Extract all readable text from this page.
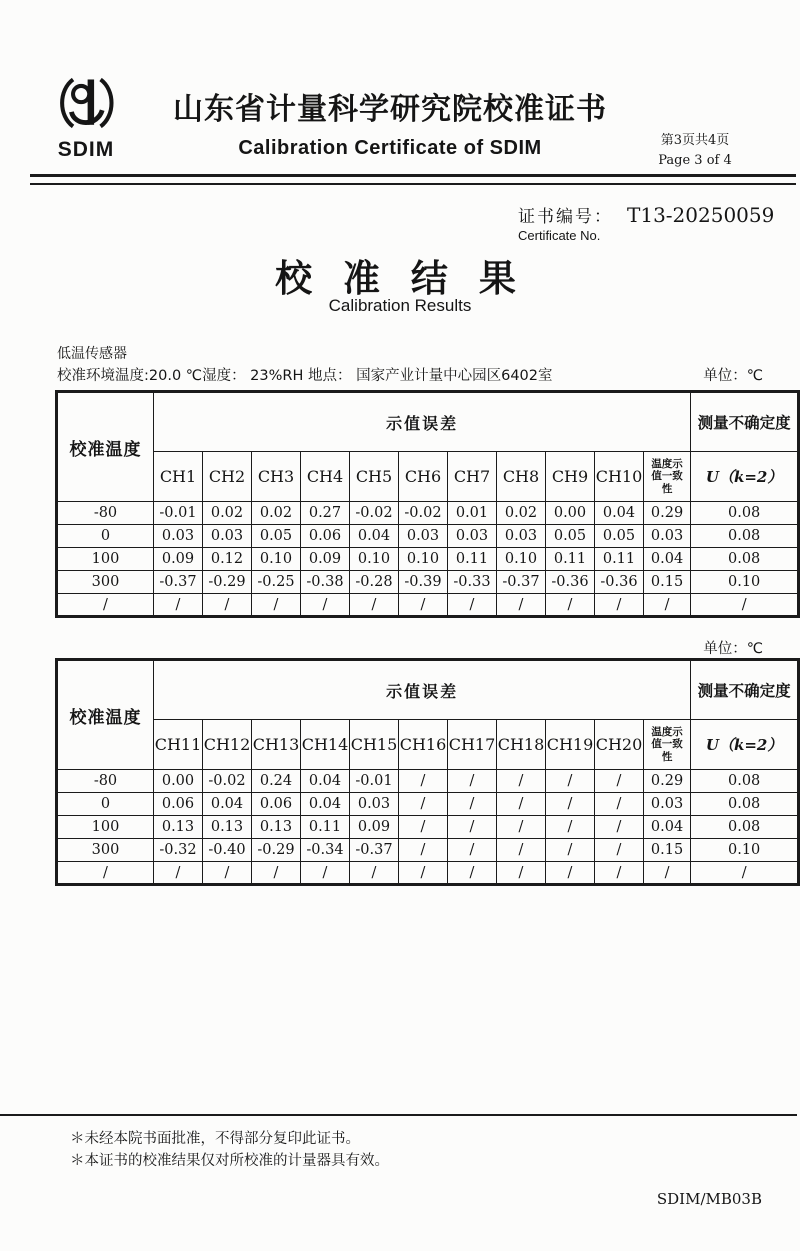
SDIM
山东省计量科学研究院校准证书
Calibration Certificate of SDIM	第3页共4页
Page 3 of 4
证书编号： T13-20250059
Certificate No.
校 准 结 果
Calibration Results
低温传感器
校准环境温度:20.0 ℃湿度： 23%RH 地点： 国家产业计量中心园区6402室	单位：℃
校准温度	示值误差											测量不确定度
	CH1	CH2	CH3	CH4	CH5	CH6	CH7	CH8	CH9	CH10	温度示值一致性	U（k=2）
-80	-0.01	0.02	0.02	0.27	-0.02	-0.02	0.01	0.02	0.00	0.04	0.29	0.08
0	0.03	0.03	0.05	0.06	0.04	0.03	0.03	0.03	0.05	0.05	0.03	0.08
100	0.09	0.12	0.10	0.09	0.10	0.10	0.11	0.10	0.11	0.11	0.04	0.08
300	-0.37	-0.29	-0.25	-0.38	-0.28	-0.39	-0.33	-0.37	-0.36	-0.36	0.15	0.10
/	/	/	/	/	/	/	/	/	/	/	/	/
单位：℃
校准温度	示值误差											测量不确定度
	CH11	CH12	CH13	CH14	CH15	CH16	CH17	CH18	CH19	CH20	温度示值一致性	U（k=2）
-80	0.00	-0.02	0.24	0.04	-0.01	/	/	/	/	/	0.29	0.08
0	0.06	0.04	0.06	0.04	0.03	/	/	/	/	/	0.03	0.08
100	0.13	0.13	0.13	0.11	0.09	/	/	/	/	/	0.04	0.08
300	-0.32	-0.40	-0.29	-0.34	-0.37	/	/	/	/	/	0.15	0.10
/	/	/	/	/	/	/	/	/	/	/	/	/
＊未经本院书面批准，不得部分复印此证书。
＊本证书的校准结果仅对所校准的计量器具有效。
SDIM/MB03B
